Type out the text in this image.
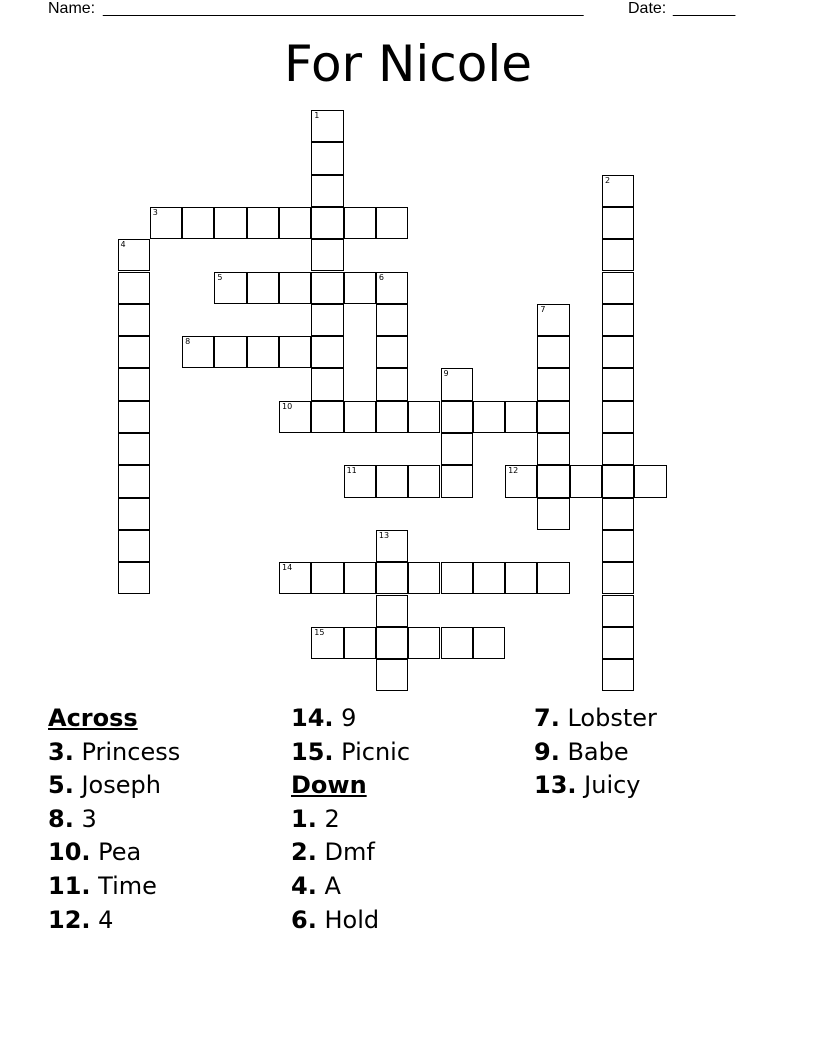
Name: ______________________________________________________	Date: _______
For Nicole
1
2
3
4
5	6
7
8
9
10
11	12
13
14
15
Across
3. Princess
5. Joseph
8. 3
10. Pea
11. Time
12. 4
14. 9
15. Picnic
Down
1. 2
2. Dmf
4. A
6. Hold
7. Lobster
9. Babe
13. Juicy
